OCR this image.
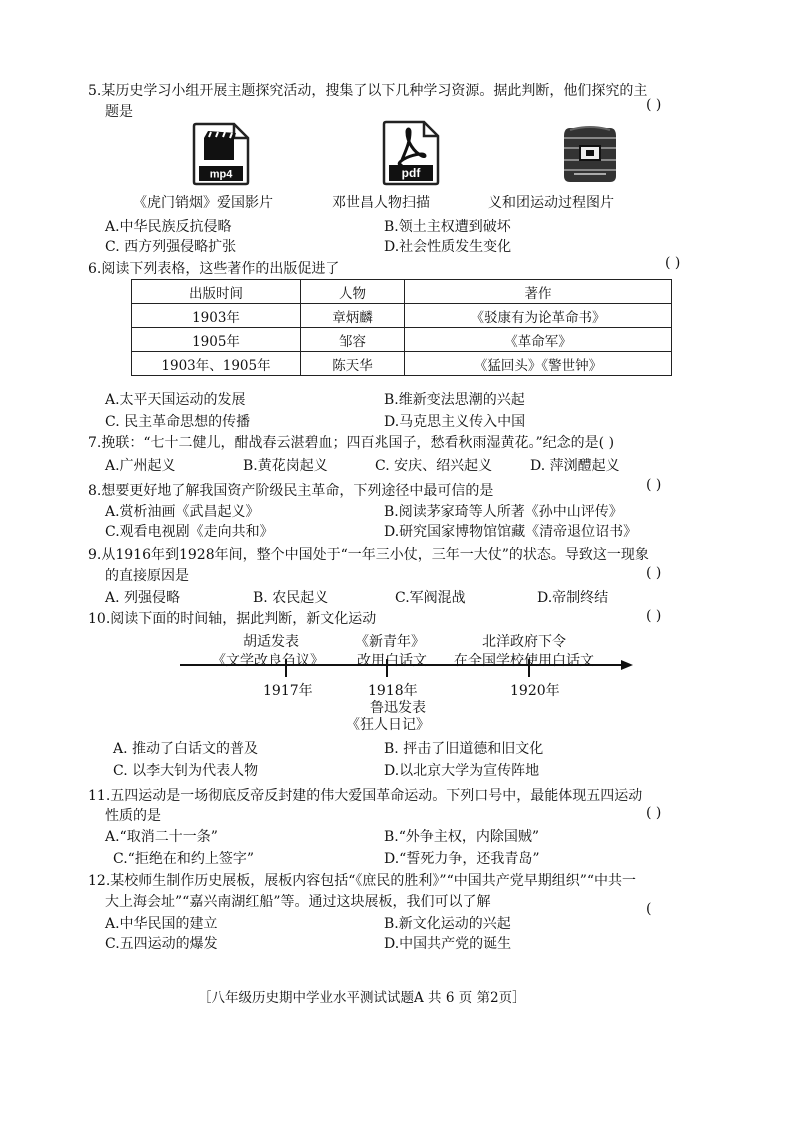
5.某历史学习小组开展主题探究活动，搜集了以下几种学习资源。据此判断，他们探究的主
题是	( )
mp4	pdf
《虎门销烟》爱国影片	邓世昌人物扫描	义和团运动过程图片
A.中华民族反抗侵略	B.领土主权遭到破坏
C. 西方列强侵略扩张	D.社会性质发生变化
6.阅读下列表格，这些著作的出版促进了	( )
出版时间	人物	著作
1903年	章炳麟	《驳康有为论革命书》
1905年	邹容	《革命军》
1903年、1905年	陈天华	《猛回头》《警世钟》
A.太平天国运动的发展	B.维新变法思潮的兴起
C. 民主革命思想的传播	D.马克思主义传入中国
7.挽联：“七十二健儿，酣战春云湛碧血；四百兆国子，愁看秋雨湿黄花。”纪念的是( )
A.广州起义	B.黄花岗起义	C. 安庆、绍兴起义	D. 萍浏醴起义
8.想要更好地了解我国资产阶级民主革命，下列途径中最可信的是	( )
A.赏析油画《武昌起义》	B.阅读茅家琦等人所著《孙中山评传》
C.观看电视剧《走向共和》	D.研究国家博物馆馆藏《清帝退位诏书》
9.从1916年到1928年间，整个中国处于“一年三小仗，三年一大仗”的状态。导致这一现象
的直接原因是	( )
A. 列强侵略	B. 农民起义	C.军阀混战	D.帝制终结
10.阅读下面的时间轴，据此判断，新文化运动	( )
胡适发表
《文学改良刍议》
《新青年》
改用白话文
北洋政府下令
在全国学校使用白话文
1917年	1918年	1920年
鲁迅发表
《狂人日记》
A. 推动了白话文的普及	B. 抨击了旧道德和旧文化
C. 以李大钊为代表人物	D.以北京大学为宣传阵地
11.五四运动是一场彻底反帝反封建的伟大爱国革命运动。下列口号中，最能体现五四运动
性质的是	( )
A.“取消二十一条”	B.“外争主权，内除国贼”
C.“拒绝在和约上签字”	D.“誓死力争，还我青岛”
12.某校师生制作历史展板，展板内容包括“《庶民的胜利》”“中国共产党早期组织”“中共一
大上海会址”“嘉兴南湖红船”等。通过这块展板，我们可以了解	(
A.中华民国的建立	B.新文化运动的兴起
C.五四运动的爆发	D.中国共产党的诞生
［八年级历史期中学业水平测试试题A 共 6 页 第2页］
